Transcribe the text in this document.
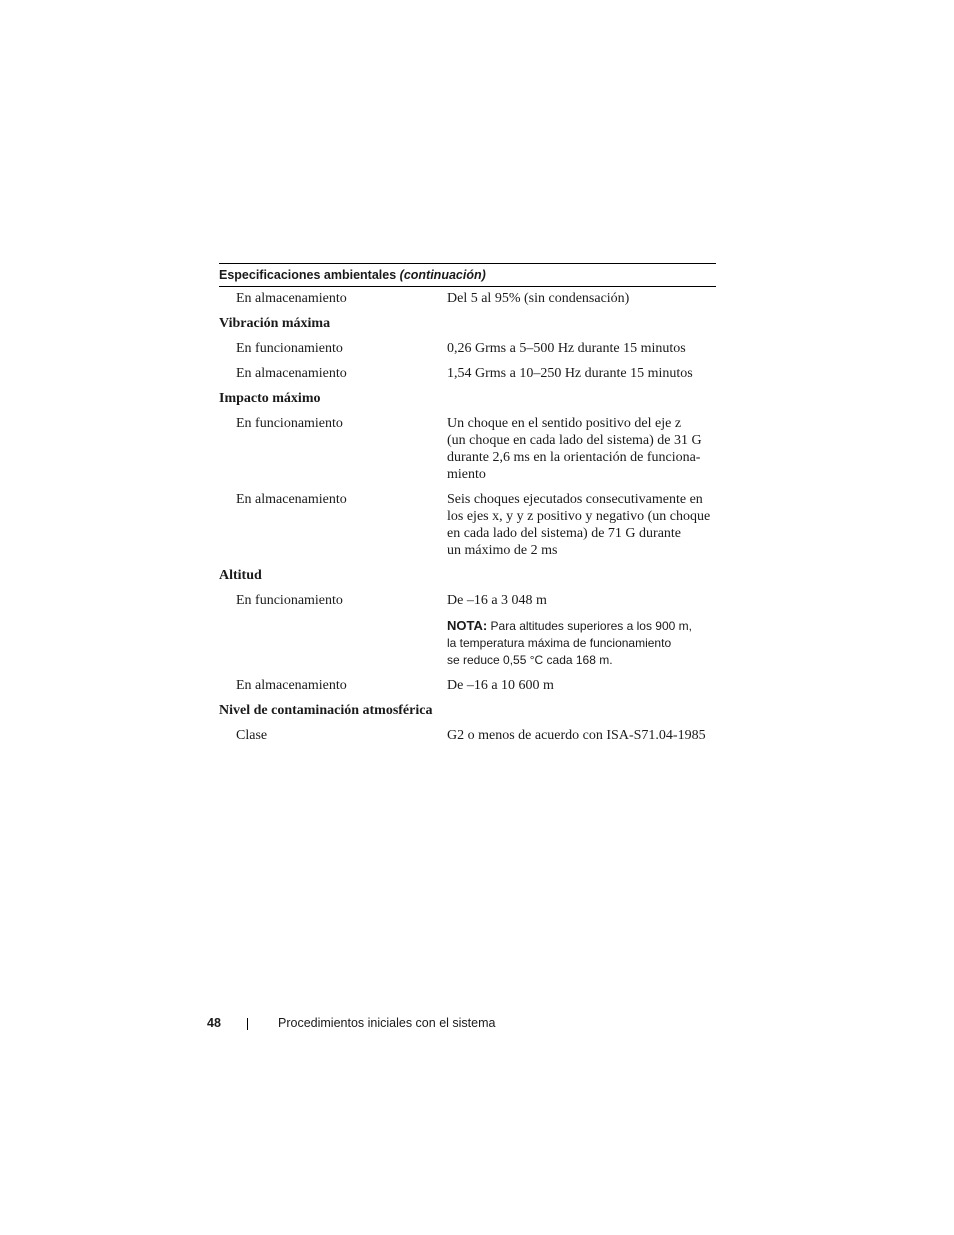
Especificaciones ambientales (continuación)
En almacenamiento	Del 5 al 95% (sin condensación)
Vibración máxima
En funcionamiento	0,26 Grms a 5–500 Hz durante 15 minutos
En almacenamiento	1,54 Grms a 10–250 Hz durante 15 minutos
Impacto máximo
En funcionamiento	Un choque en el sentido positivo del eje z
(un choque en cada lado del sistema) de 31 G
durante 2,6 ms en la orientación de funciona-
miento
En almacenamiento	Seis choques ejecutados consecutivamente en
los ejes x, y y z positivo y negativo (un choque
en cada lado del sistema) de 71 G durante
un máximo de 2 ms
Altitud
En funcionamiento	De –16 a 3 048 m
NOTA: Para altitudes superiores a los 900 m,
la temperatura máxima de funcionamiento
se reduce 0,55 °C cada 168 m.
En almacenamiento	De –16 a 10 600 m
Nivel de contaminación atmosférica
Clase	G2 o menos de acuerdo con ISA-S71.04-1985
48	Procedimientos iniciales con el sistema
